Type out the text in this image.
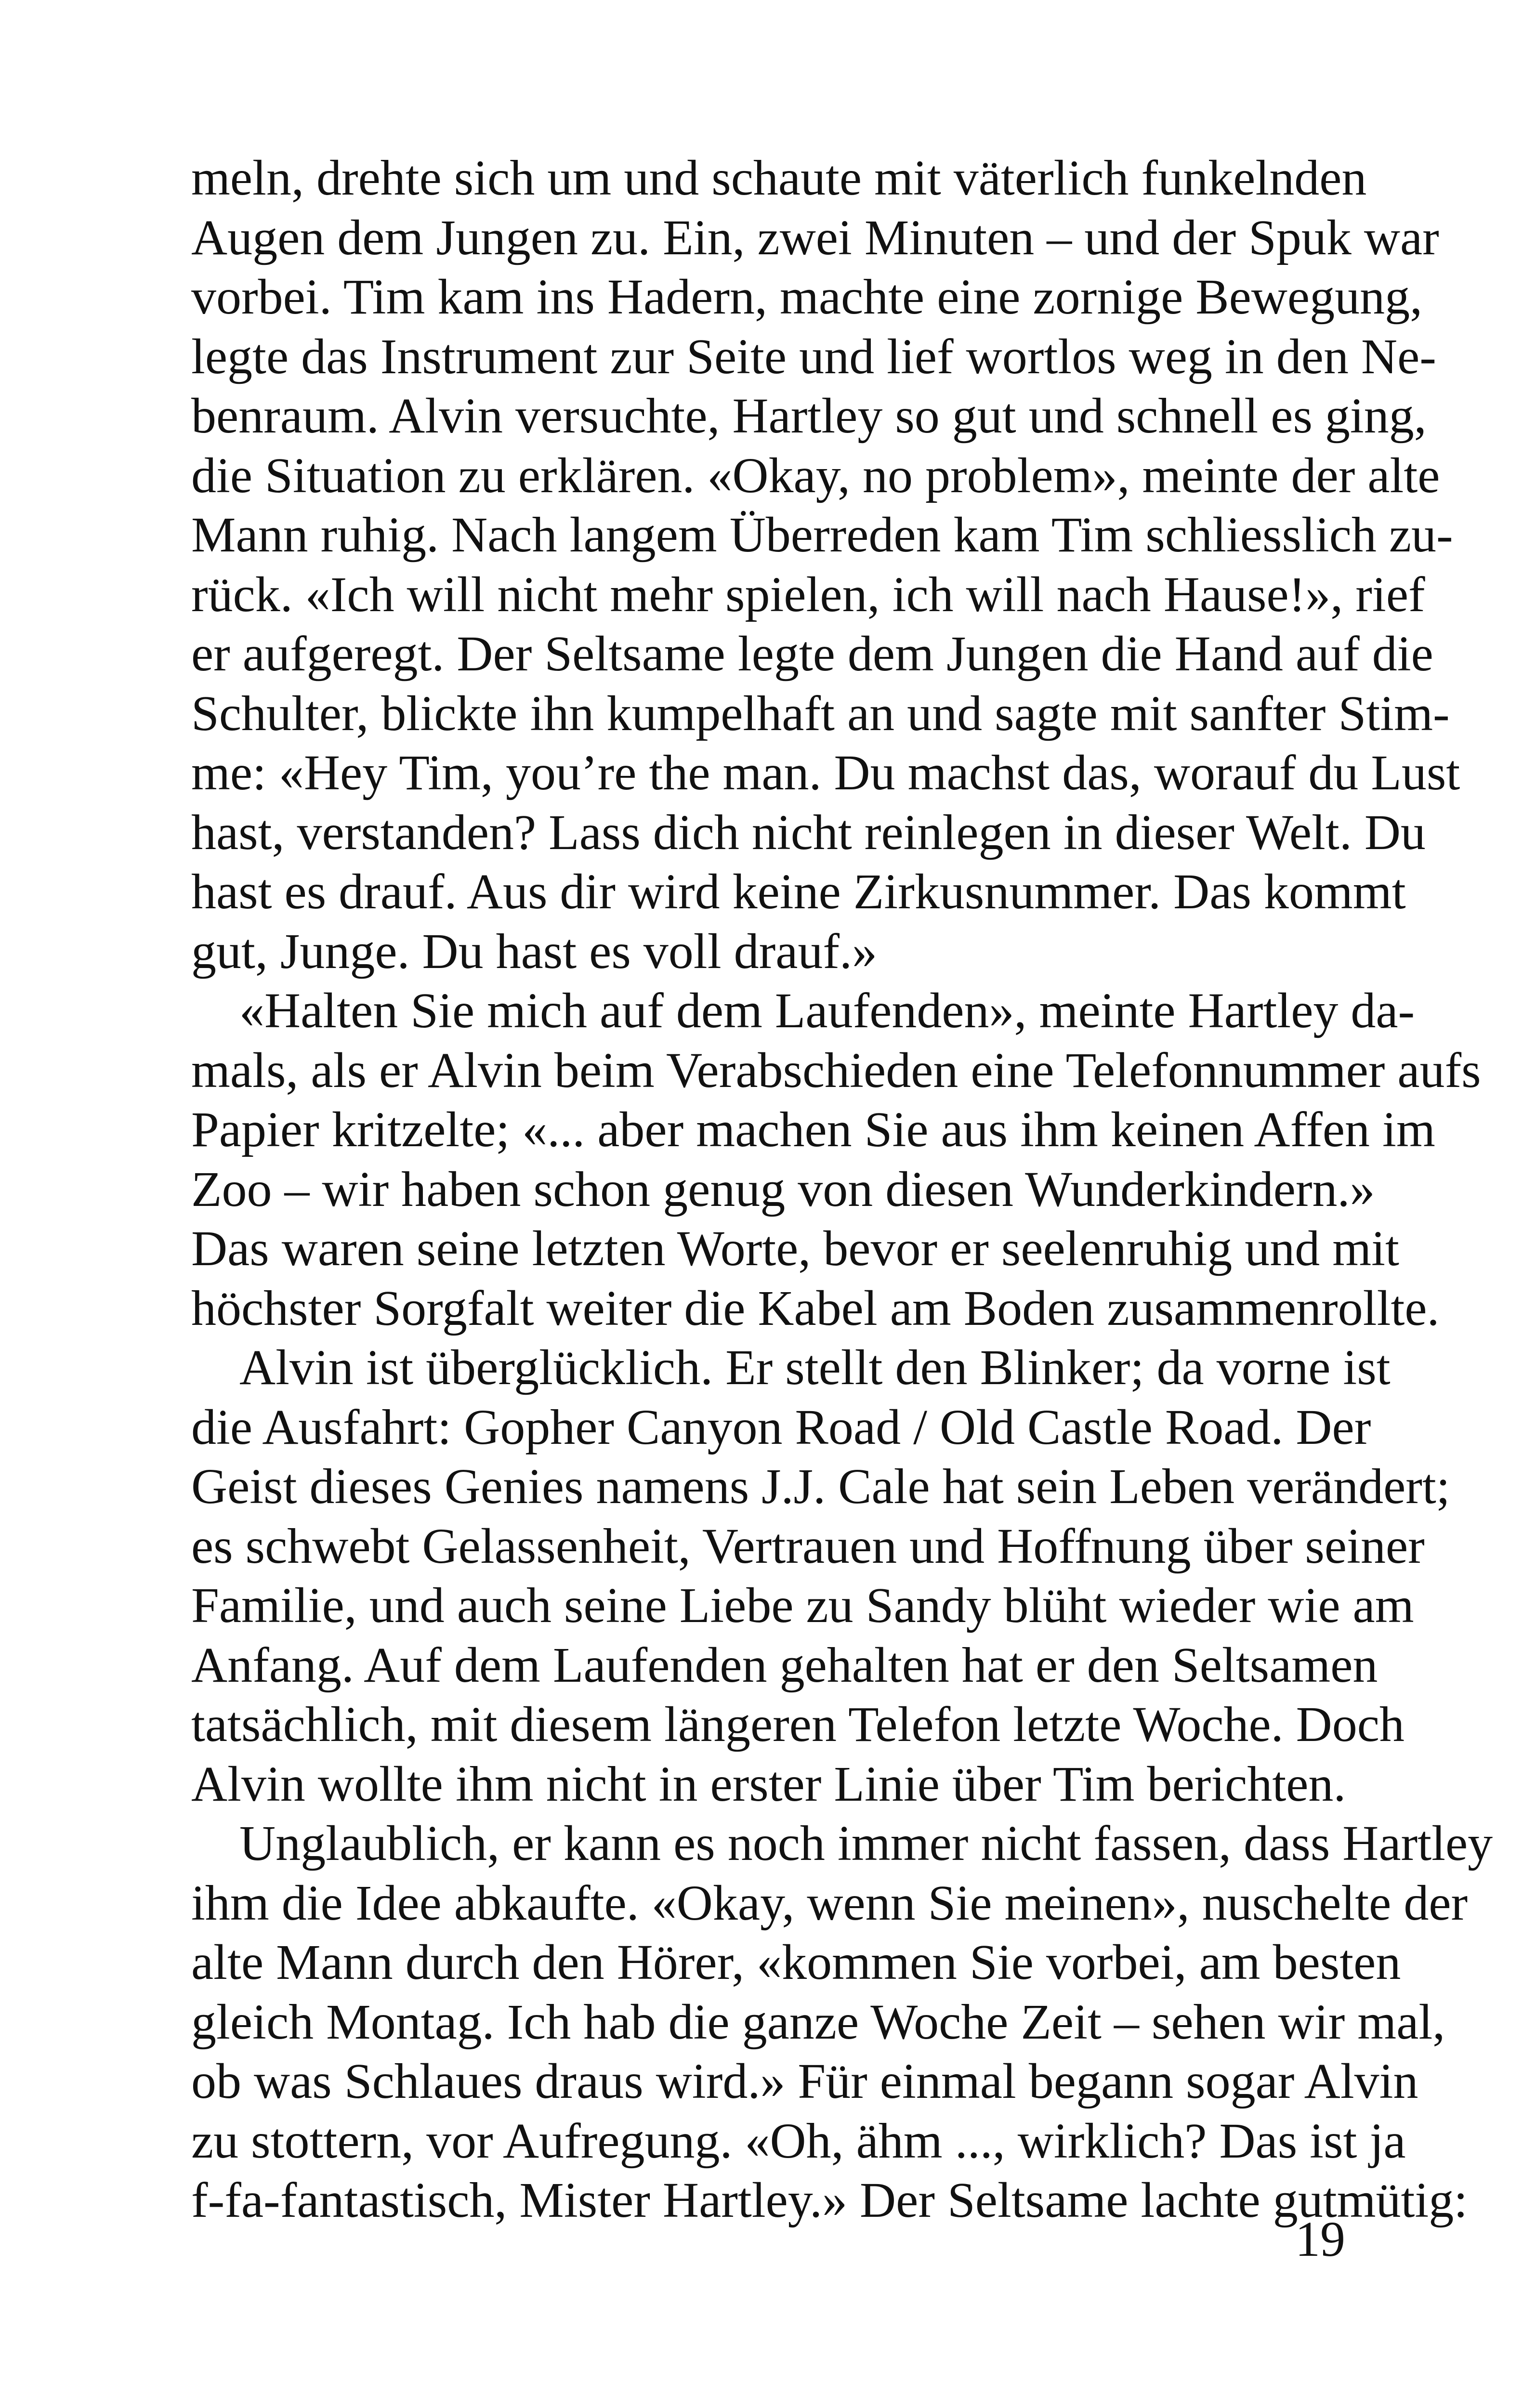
meln, drehte sich um und schaute mit väterlich funkelnden
Augen dem Jungen zu. Ein, zwei Minuten – und der Spuk war
vorbei. Tim kam ins Hadern, machte eine zornige Bewegung,
legte das Instrument zur Seite und lief wortlos weg in den Ne-
benraum. Alvin versuchte, Hartley so gut und schnell es ging,
die Situation zu erklären. «Okay, no problem», meinte der alte
Mann ruhig. Nach langem Überreden kam Tim schliesslich zu-
rück. «Ich will nicht mehr spielen, ich will nach Hause!», rief
er aufgeregt. Der Seltsame legte dem Jungen die Hand auf die
Schulter, blickte ihn kumpelhaft an und sagte mit sanfter Stim-
me: «Hey Tim, you’re the man. Du machst das, worauf du Lust
hast, verstanden? Lass dich nicht reinlegen in dieser Welt. Du
hast es drauf. Aus dir wird keine Zirkusnummer. Das kommt
gut, Junge. Du hast es voll drauf.»
«Halten Sie mich auf dem Laufenden», meinte Hartley da-
mals, als er Alvin beim Verabschieden eine Telefonnummer aufs
Papier kritzelte; «... aber machen Sie aus ihm keinen Affen im
Zoo – wir haben schon genug von diesen Wunderkindern.»
Das waren seine letzten Worte, bevor er seelenruhig und mit
höchster Sorgfalt weiter die Kabel am Boden zusammenrollte.
Alvin ist überglücklich. Er stellt den Blinker; da vorne ist
die Ausfahrt: Gopher Canyon Road / Old Castle Road. Der
Geist dieses Genies namens J.J. Cale hat sein Leben verändert;
es schwebt Gelassenheit, Vertrauen und Hoffnung über seiner
Familie, und auch seine Liebe zu Sandy blüht wieder wie am
Anfang. Auf dem Laufenden gehalten hat er den Seltsamen
tatsächlich, mit diesem längeren Telefon letzte Woche. Doch
Alvin wollte ihm nicht in erster Linie über Tim berichten.
Unglaublich, er kann es noch immer nicht fassen, dass Hartley
ihm die Idee abkaufte. «Okay, wenn Sie meinen», nuschelte der
alte Mann durch den Hörer, «kommen Sie vorbei, am besten
gleich Montag. Ich hab die ganze Woche Zeit – sehen wir mal,
ob was Schlaues draus wird.» Für einmal begann sogar Alvin
zu stottern, vor Aufregung. «Oh, ähm ..., wirklich? Das ist ja
f-fa-fantastisch, Mister Hartley.» Der Seltsame lachte gutmütig:
19
